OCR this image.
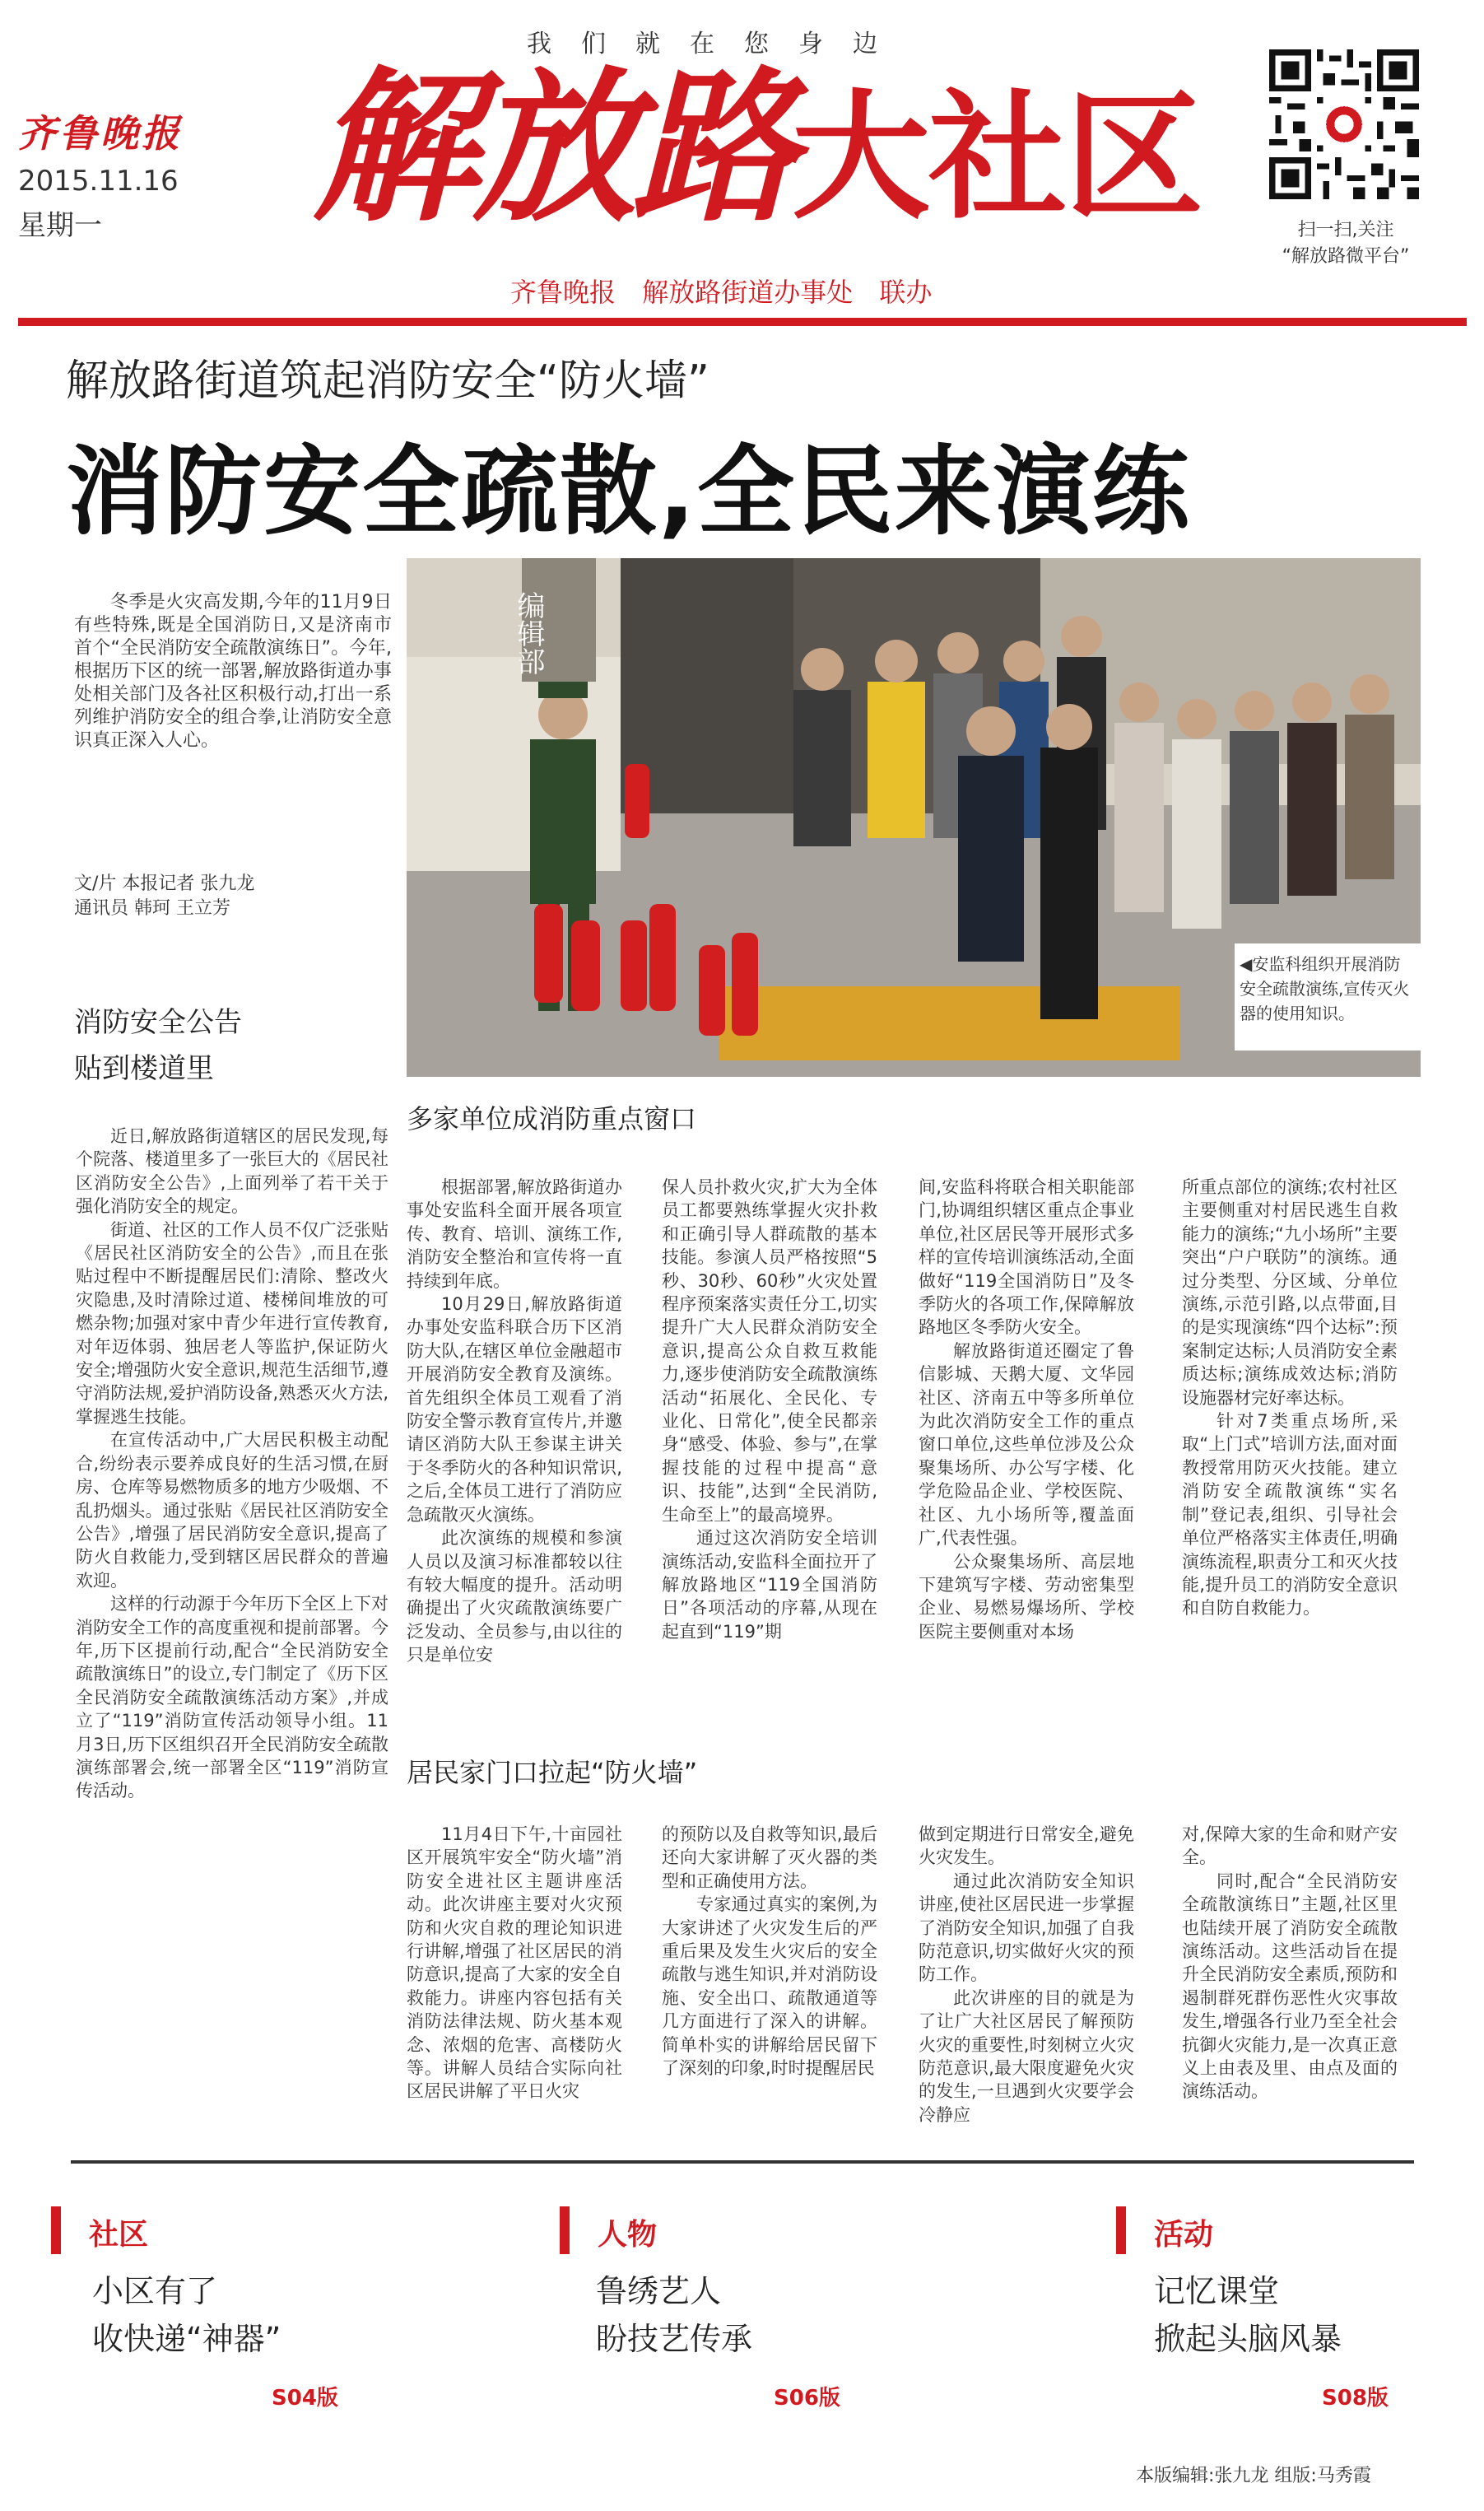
我们就在您身边
齐鲁晚报
2015.11.16
星期一 解放路大社区
齐鲁晚报 解放路街道办事处 联办
扫一扫,关注
“解放路微平台”
解放路街道筑起消防安全“防火墙”
消防安全疏散,全民来演练
编辑部
◀安监科组织开展消防安全疏散演练,宣传灭火器的使用知识。
冬季是火灾高发期,今年的11月9日有些特殊,既是全国消防日,又是济南市首个“全民消防安全疏散演练日”。今年,根据历下区的统一部署,解放路街道办事处相关部门及各社区积极行动,打出一系列维护消防安全的组合拳,让消防安全意识真正深入人心。
文/片 本报记者 张九龙
通讯员 韩珂 王立芳
消防安全公告
贴到楼道里

近日,解放路街道辖区的居民发现,每个院落、楼道里多了一张巨大的《居民社区消防安全公告》,上面列举了若干关于强化消防安全的规定。

街道、社区的工作人员不仅广泛张贴《居民社区消防安全的公告》,而且在张贴过程中不断提醒居民们:清除、整改火灾隐患,及时清除过道、楼梯间堆放的可燃杂物;加强对家中青少年进行宣传教育,对年迈体弱、独居老人等监护,保证防火安全;增强防火安全意识,规范生活细节,遵守消防法规,爱护消防设备,熟悉灭火方法,掌握逃生技能。

在宣传活动中,广大居民积极主动配合,纷纷表示要养成良好的生活习惯,在厨房、仓库等易燃物质多的地方少吸烟、不乱扔烟头。通过张贴《居民社区消防安全公告》,增强了居民消防安全意识,提高了防火自救能力,受到辖区居民群众的普遍欢迎。

这样的行动源于今年历下全区上下对消防安全工作的高度重视和提前部署。今年,历下区提前行动,配合“全民消防安全疏散演练日”的设立,专门制定了《历下区全民消防安全疏散演练活动方案》,并成立了“119”消防宣传活动领导小组。11月3日,历下区组织召开全民消防安全疏散演练部署会,统一部署全区“119”消防宣传活动。

多家单位成消防重点窗口

根据部署,解放路街道办事处安监科全面开展各项宣传、教育、培训、演练工作,消防安全整治和宣传将一直持续到年底。

10月29日,解放路街道办事处安监科联合历下区消防大队,在辖区单位金融超市开展消防安全教育及演练。首先组织全体员工观看了消防安全警示教育宣传片,并邀请区消防大队王参谋主讲关于冬季防火的各种知识常识,之后,全体员工进行了消防应急疏散灭火演练。

此次演练的规模和参演人员以及演习标准都较以往有较大幅度的提升。活动明确提出了火灾疏散演练要广泛发动、全员参与,由以往的只是单位安

保人员扑救火灾,扩大为全体员工都要熟练掌握火灾扑救和正确引导人群疏散的基本技能。参演人员严格按照“5秒、30秒、60秒”火灾处置程序预案落实责任分工,切实提升广大人民群众消防安全意识,提高公众自救互救能力,逐步使消防安全疏散演练活动“拓展化、全民化、专业化、日常化”,使全民都亲身“感受、体验、参与”,在掌握技能的过程中提高“意识、技能”,达到“全民消防,生命至上”的最高境界。

通过这次消防安全培训演练活动,安监科全面拉开了解放路地区“119全国消防日”各项活动的序幕,从现在起直到“119”期

间,安监科将联合相关职能部门,协调组织辖区重点企事业单位,社区居民等开展形式多样的宣传培训演练活动,全面做好“119全国消防日”及冬季防火的各项工作,保障解放路地区冬季防火安全。

解放路街道还圈定了鲁信影城、天鹅大厦、文华园社区、济南五中等多所单位为此次消防安全工作的重点窗口单位,这些单位涉及公众聚集场所、办公写字楼、化学危险品企业、学校医院、社区、九小场所等,覆盖面广,代表性强。

公众聚集场所、高层地下建筑写字楼、劳动密集型企业、易燃易爆场所、学校医院主要侧重对本场

所重点部位的演练;农村社区主要侧重对村居民逃生自救能力的演练;“九小场所”主要突出“户户联防”的演练。通过分类型、分区域、分单位演练,示范引路,以点带面,目的是实现演练“四个达标”:预案制定达标;人员消防安全素质达标;演练成效达标;消防设施器材完好率达标。

针对7类重点场所,采取“上门式”培训方法,面对面教授常用防灭火技能。建立消防安全疏散演练“实名制”登记表,组织、引导社会单位严格落实主体责任,明确演练流程,职责分工和灭火技能,提升员工的消防安全意识和自防自救能力。

居民家门口拉起“防火墙”

11月4日下午,十亩园社区开展筑牢安全“防火墙”消防安全进社区主题讲座活动。此次讲座主要对火灾预防和火灾自救的理论知识进行讲解,增强了社区居民的消防意识,提高了大家的安全自救能力。讲座内容包括有关消防法律法规、防火基本观念、浓烟的危害、高楼防火等。讲解人员结合实际向社区居民讲解了平日火灾

的预防以及自救等知识,最后还向大家讲解了灭火器的类型和正确使用方法。

专家通过真实的案例,为大家讲述了火灾发生后的严重后果及发生火灾后的安全疏散与逃生知识,并对消防设施、安全出口、疏散通道等几方面进行了深入的讲解。简单朴实的讲解给居民留下了深刻的印象,时时提醒居民

做到定期进行日常安全,避免火灾发生。

通过此次消防安全知识讲座,使社区居民进一步掌握了消防安全知识,加强了自我防范意识,切实做好火灾的预防工作。

此次讲座的目的就是为了让广大社区居民了解预防火灾的重要性,时刻树立火灾防范意识,最大限度避免火灾的发生,一旦遇到火灾要学会冷静应

对,保障大家的生命和财产安全。

同时,配合“全民消防安全疏散演练日”主题,社区里也陆续开展了消防安全疏散演练活动。这些活动旨在提升全民消防安全素质,预防和遏制群死群伤恶性火灾事故发生,增强各行业乃至全社会抗御火灾能力,是一次真正意义上由表及里、由点及面的演练活动。

社区
小区有了
收快递“神器”
S04版
人物
鲁绣艺人
盼技艺传承
S06版
活动
记忆课堂
掀起头脑风暴
S08版
本版编辑:张九龙 组版:马秀霞
